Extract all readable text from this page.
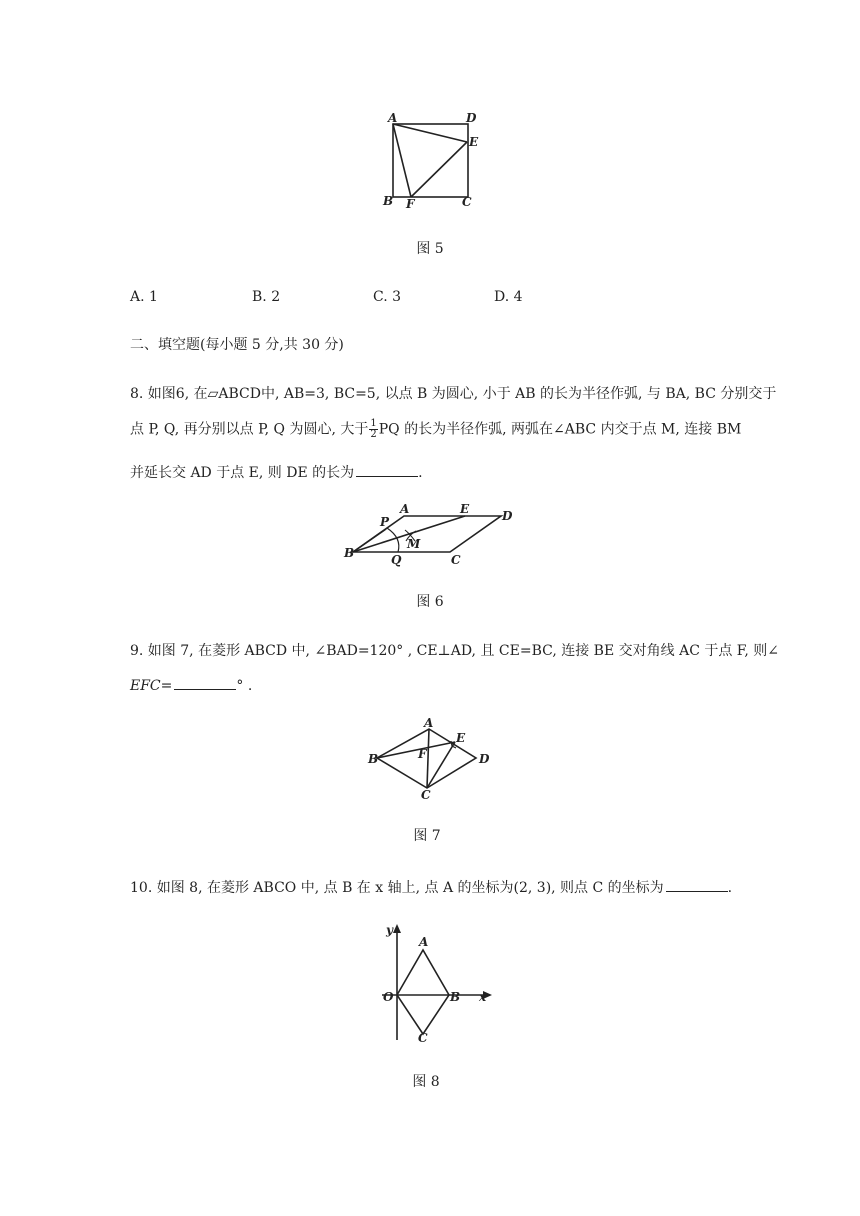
A	D
E
B F	C
图 5
A. 1	B. 2	C. 3	D. 4
二、填空题(每小题 5 分,共 30 分)
8. 如图6, 在▱ABCD中, AB=3, BC=5, 以点 B 为圆心, 小于 AB 的长为半径作弧, 与 BA, BC 分别交于
点 P, Q, 再分别以点 P, Q 为圆心, 大于 $\frac{1}{2}$ PQ 的长为半径作弧, 两弧在∠ABC 内交于点 M, 连接 BM
并延长交 AD 于点 E, 则 DE 的长为	.
A	E	D
P
M
B	Q	C
图 6
9. 如图 7, 在菱形 ABCD 中, ∠BAD=120° , CE⊥AD, 且 CE=BC, 连接 BE 交对角线 AC 于点 F, 则∠
EFC=	° .
A
E
B	F	D
C
图 7
10. 如图 8, 在菱形 ABCO 中, 点 B 在 x 轴上, 点 A 的坐标为(2, 3), 则点 C 的坐标为	.
y
A
O	B x
C
图 8
